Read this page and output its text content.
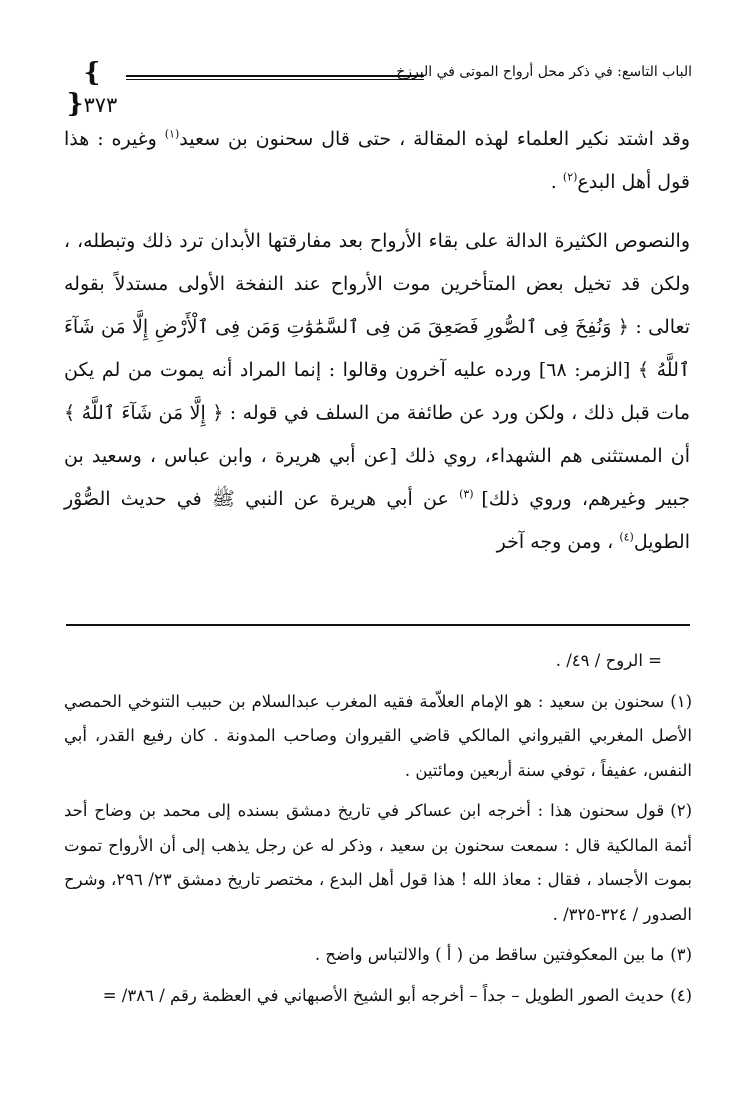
الباب التاسع: في ذكر محل أرواح الموتى في البرزخ
}٣٧٣{

وقد اشتد نكير العلماء لهذه المقالة ، حتى قال سحنون بن سعيد$^{(١)}$ وغيره : هذا قول أهل البدع$^{(٢)}$ .

والنصوص الكثيرة الدالة على بقاء الأرواح بعد مفارقتها الأبدان ترد ذلك وتبطله، ، ولكن قد تخيل بعض المتأخرين موت الأرواح عند النفخة الأولى مستدلاً بقوله تعالى : ﴿ وَنُفِخَ فِى ٱلصُّورِ فَصَعِقَ مَن فِى ٱلسَّمَٰوَٰتِ وَمَن فِى ٱلْأَرْضِ إِلَّا مَن شَآءَ ٱللَّهُ ﴾ [الزمر: ٦٨] ورده عليه آخرون وقالوا : إنما المراد أنه يموت من لم يكن مات قبل ذلك ، ولكن ورد عن طائفة من السلف في قوله : ﴿ إِلَّا مَن شَآءَ ٱللَّهُ ﴾ أن المستثنى هم الشهداء، روي ذلك [عن أبي هريرة ، وابن عباس ، وسعيد بن جبير وغيرهم، وروي ذلك] $^{(٣)}$ عن أبي هريرة عن النبي ﷺ في حديث الصُّوْر الطويل$^{(٤)}$ ، ومن وجه آخر

= الروح / ٤٩/ .

(١)سحنون بن سعيد : هو الإمام العلاّمة فقيه المغرب عبدالسلام بن حبيب التنوخي الحمصي الأصل المغربي القيرواني المالكي قاضي القيروان وصاحب المدونة . كان رفيع القدر، أبي النفس، عفيفاً ، توفي سنة أربعين ومائتين .

(٢)قول سحنون هذا : أخرجه ابن عساكر في تاريخ دمشق بسنده إلى محمد بن وضاح أحد أئمة المالكية قال : سمعت سحنون بن سعيد ، وذكر له عن رجل يذهب إلى أن الأرواح تموت بموت الأجساد ، فقال : معاذ الله ! هذا قول أهل البدع ، مختصر تاريخ دمشق ٢٣/ ٢٩٦، وشرح الصدور / ٣٢٤-٣٢٥/ .

(٣)ما بين المعكوفتين ساقط من ( أ ) والالتباس واضح .

(٤)حديث الصور الطويل – جداً – أخرجه أبو الشيخ الأصبهاني في العظمة رقم / ٣٨٦/ =
